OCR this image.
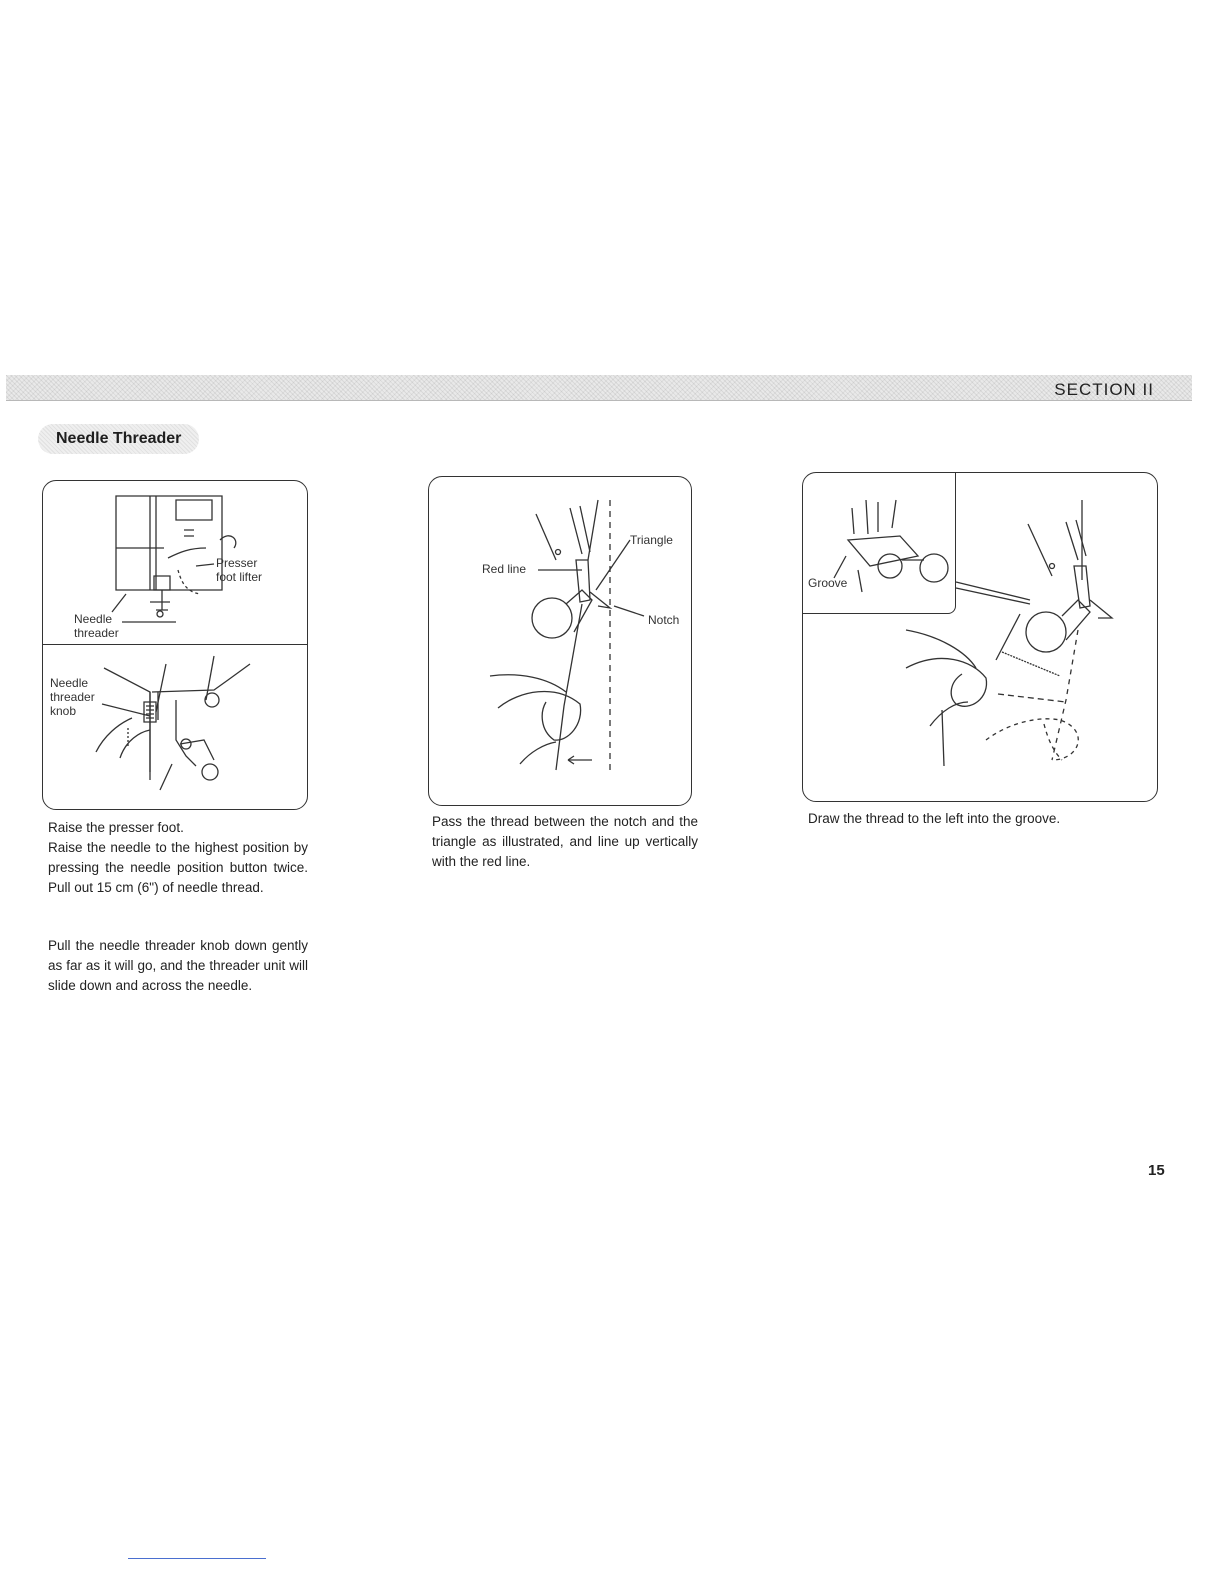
SECTION II
Needle Threader
Presser
foot lifter
Needle
threader
Needle
threader
knob
Triangle
Red line
Notch
Groove
Raise the presser foot.
Raise the needle to the highest position by pressing the needle position button twice. Pull out 15 cm (6") of needle thread.
Pull the needle threader knob down gently as far as it will go, and the threader unit will slide down and across the needle.
Pass the thread between the notch and the triangle as illustrated, and line up vertically with the red line.
Draw the thread to the left into the groove.
15
